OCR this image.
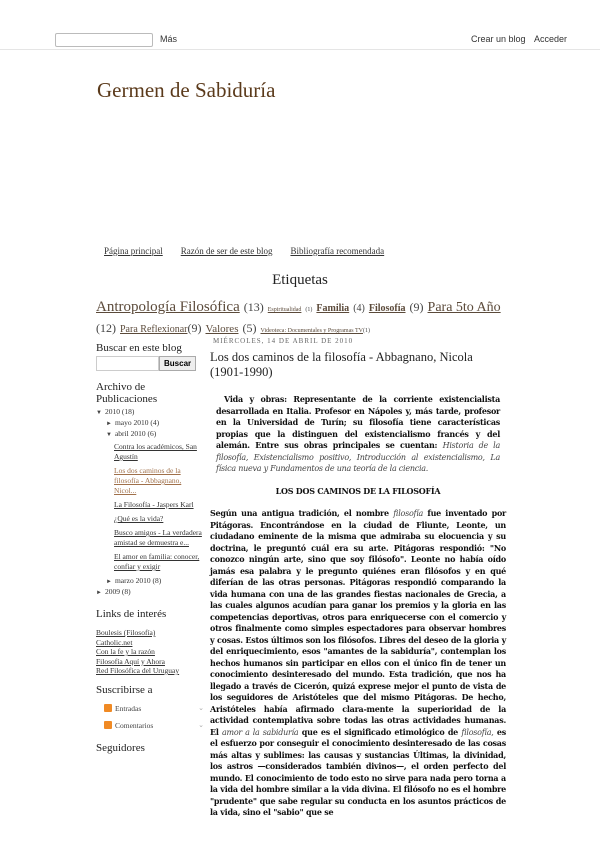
Más	Crear un blog Acceder
Germen de Sabiduría
Página principal Razón de ser de este blog Bibliografía recomendada
Etiquetas
Antropología Filosófica (13) Espiritualidad (1) Familia (4) Filosofía (9) Para 5to Año (12) Para Reflexionar(9) Valores (5) Videoteca: Documentales y Programas TV(1)
Buscar en este blog
Buscar
Archivo de Publicaciones
▼ 2010 (18)
► mayo 2010 (4)
▼ abril 2010 (6)
Contra los académicos, San Agustín
Los dos caminos de la filosofía - Abbagnano, Nicol...
La Filosofía - Jaspers Karl
¿Qué es la vida?
Busco amigos - La verdadera amistad se demuestra e...
El amor en familia: conocer, confiar y exigir
► marzo 2010 (8)
► 2009 (8)
Links de interés
Boulesis (Filosofía)
Catholic.net
Con la fe y la razón
Filosofía Aquí y Ahora
Red Filosófica del Uruguay
Suscribirse a
Entradas	⌄
Comentarios	⌄
Seguidores
MIÉRCOLES, 14 DE ABRIL DE 2010
Los dos caminos de la filosofía - Abbagnano, Nicola (1901-1990)

Vida y obras: Representante de la corriente existencialista desarrollada en Italia. Profesor en Nápoles y, más tarde, profesor en la Universidad de Turín; su filosofía tiene características propias que la distinguen del existencialismo francés y del alemán. Entre sus obras principales se cuentan: Historia de la filosofía, Existencialismo positivo, Introducción al existencialismo, La física nueva y Fundamentos de una teoría de la ciencia.

LOS DOS CAMINOS DE LA FILOSOFÍA

Según una antigua tradición, el nombre filosofía fue inventado por Pitágoras. Encontrándose en la ciudad de Fliunte, Leonte, un ciudadano eminente de la misma que admiraba su elocuencia y su doctrina, le preguntó cuál era su arte. Pitágoras respondió: "No conozco ningún arte, sino que soy filósofo". Leonte no había oído jamás esa palabra y le pregunto quiénes eran filósofos y en qué diferían de las otras personas. Pitágoras respondió comparando la vida humana con una de las grandes fiestas nacionales de Grecia, a las cuales algunos acudían para ganar los premios y la gloria en las competencias deportivas, otros para enriquecerse con el comercio y otros finalmente como simples espectadores para observar hombres y cosas. Estos últimos son los filósofos. Libres del deseo de la gloria y del enriquecimiento, esos "amantes de la sabiduría", contemplan los hechos humanos sin participar en ellos con el único fin de tener un conocimiento desinteresado del mundo. Esta tradición, que nos ha llegado a través de Cicerón, quizá exprese mejor el punto de vista de los seguidores de Aristóteles que del mismo Pitágoras. De hecho, Aristóteles había afirmado clara-mente la superioridad de la actividad contemplativa sobre todas las otras actividades humanas. El amor a la sabiduría que es el significado etimológico de filosofía, es el esfuerzo por conseguir el conocimiento desinteresado de las cosas más altas y sublimes: las causas y sustancias Últimas, la divinidad, los astros —considerados también divinos—, el orden perfecto del mundo. El conocimiento de todo esto no sirve para nada pero torna a la vida del hombre similar a la vida divina. El filósofo no es el hombre "prudente" que sabe regular su conducta en los asuntos prácticos de la vida, sino el "sabio" que se
